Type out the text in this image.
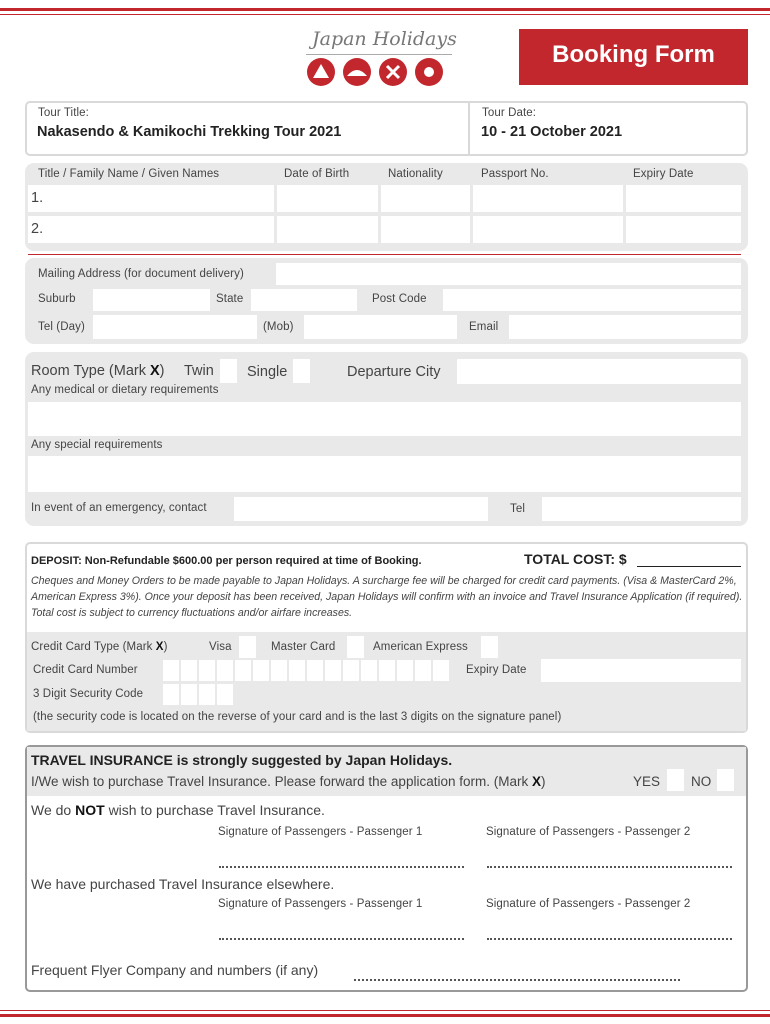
Japan Holidays
Booking Form
Tour Title:
Nakasendo & Kamikochi Trekking Tour 2021
Tour Date:
10 - 21 October 2021
Title / Family Name / Given Names	Date of Birth	Nationality	Passport No.	Expiry Date
1.
2.
Mailing Address (for document delivery)
Suburb	State	Post Code
Tel (Day)	(Mob)	Email
Room Type (Mark X) Twin Single	Departure City
Any medical or dietary requirements
Any special requirements
In event of an emergency, contact	Tel
DEPOSIT: Non-Refundable $600.00 per person required at time of Booking.	TOTAL COST: $
Cheques and Money Orders to be made payable to Japan Holidays. A surcharge fee will be charged for credit card payments. (Visa & MasterCard 2%, American Express 3%). Once your deposit has been received, Japan Holidays will confirm with an invoice and Travel Insurance Application (if required). Total cost is subject to currency fluctuations and/or airfare increases.
Credit Card Type (Mark X)	Visa	Master Card	American Express
Credit Card Number	Expiry Date
3 Digit Security Code
(the security code is located on the reverse of your card and is the last 3 digits on the signature panel)
TRAVEL INSURANCE is strongly suggested by Japan Holidays.
I/We wish to purchase Travel Insurance. Please forward the application form. (Mark X)	YES NO
We do NOT wish to purchase Travel Insurance.
Signature of Passengers - Passenger 1	Signature of Passengers - Passenger 2
We have purchased Travel Insurance elsewhere.
Signature of Passengers - Passenger 1	Signature of Passengers - Passenger 2
Frequent Flyer Company and numbers (if any)
